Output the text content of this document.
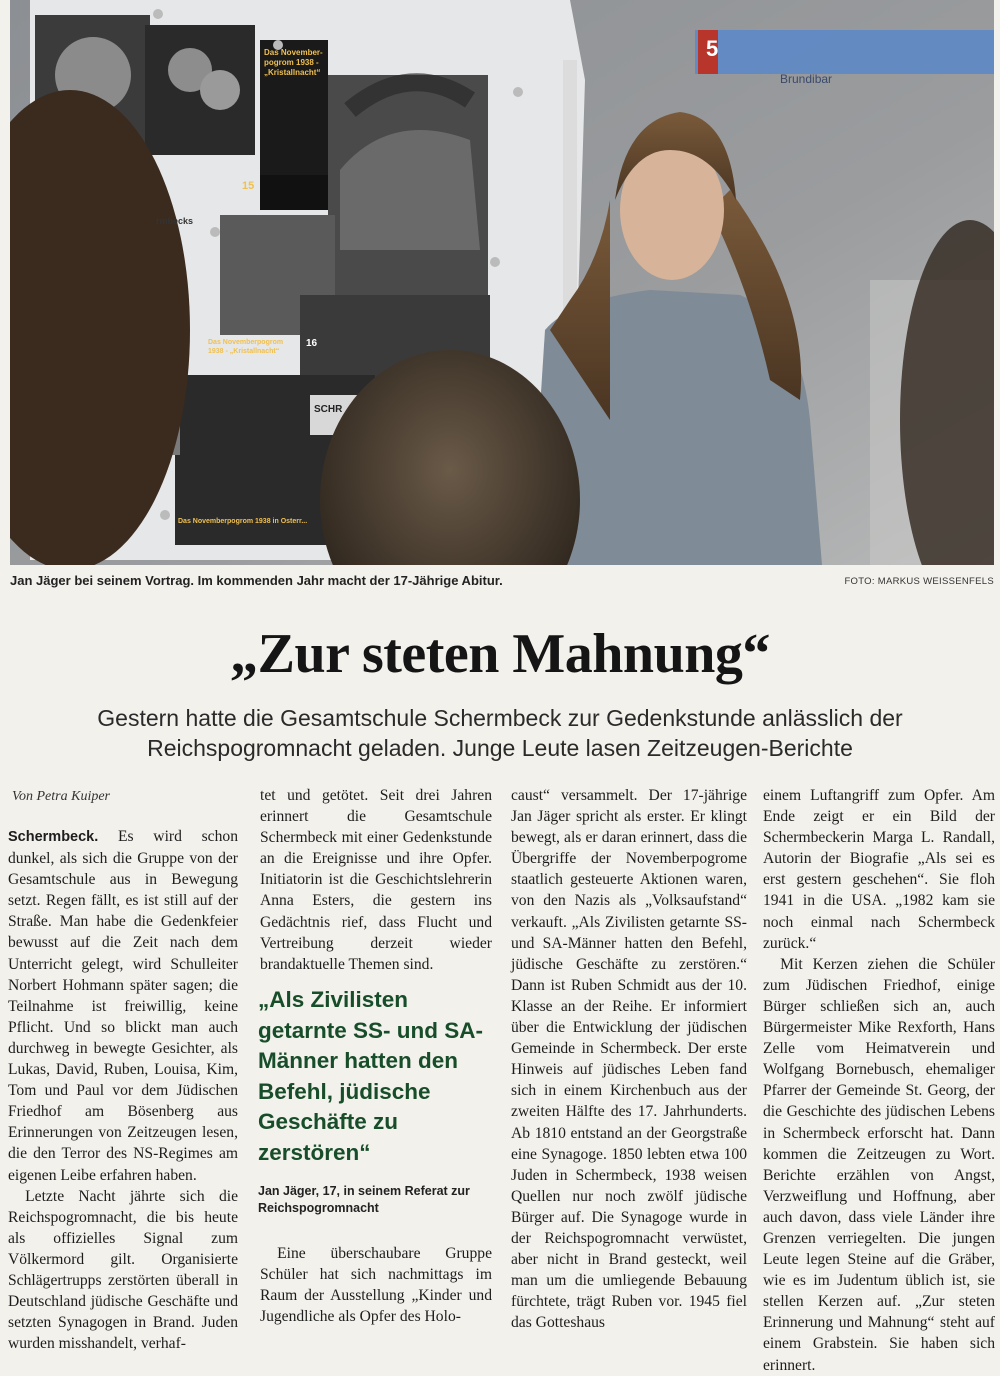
5
Brundibar
Das November-pogrom 1938 - „Kristallnacht“
15
16
Das Novemberpogrom 1938 - „Kristallnacht“
Das Novemberpogrom 1938 in Osterr...
rmbecks
SCHR
Jan Jäger bei seinem Vortrag. Im kommenden Jahr macht der 17-Jährige Abitur.	FOTO: MARKUS WEISSENFELS
„Zur steten Mahnung“
Gestern hatte die Gesamtschule Schermbeck zur Gedenkstunde anlässlich der
Reichspogromnacht geladen. Junge Leute lasen Zeitzeugen-Berichte
Von Petra Kuiper

Schermbeck. Es wird schon dunkel, als sich die Gruppe von der Gesamtschule aus in Bewegung setzt. Regen fällt, es ist still auf der Straße. Man habe die Gedenkfeier bewusst auf die Zeit nach dem Unterricht gelegt, wird Schulleiter Norbert Hohmann später sagen; die Teilnahme ist freiwillig, keine Pflicht. Und so blickt man auch durchweg in bewegte Gesichter, als Lukas, David, Ruben, Louisa, Kim, Tom und Paul vor dem Jüdischen Friedhof am Bösenberg aus Erinnerungen von Zeitzeugen lesen, die den Terror des NS-Regimes am eigenen Leibe erfahren haben.

Letzte Nacht jährte sich die Reichspogromnacht, die bis heute als offizielles Signal zum Völkermord gilt. Organisierte Schlägertrupps zerstörten überall in Deutschland jüdische Geschäfte und setzten Synagogen in Brand. Juden wurden misshandelt, verhaf-

tet und getötet. Seit drei Jahren erinnert die Gesamtschule Schermbeck mit einer Gedenkstunde an die Ereignisse und ihre Opfer. Initiatorin ist die Geschichtslehrerin Anna Esters, die gestern ins Gedächtnis rief, dass Flucht und Vertreibung derzeit wieder brandaktuelle Themen sind.

„Als Zivilisten getarnte SS- und SA-Männer hatten den Befehl, jüdische Geschäfte zu zerstören“
Jan Jäger, 17, in seinem Referat zur Reichspogromnacht

Eine überschaubare Gruppe Schüler hat sich nachmittags im Raum der Ausstellung „Kinder und Jugendliche als Opfer des Holo-

caust“ versammelt. Der 17-jährige Jan Jäger spricht als erster. Er klingt bewegt, als er daran erinnert, dass die Übergriffe der Novemberpogrome staatlich gesteuerte Aktionen waren, von den Nazis als „Volksaufstand“ verkauft. „Als Zivilisten getarnte SS- und SA-Männer hatten den Befehl, jüdische Geschäfte zu zerstören.“ Dann ist Ruben Schmidt aus der 10. Klasse an der Reihe. Er informiert über die Entwicklung der jüdischen Gemeinde in Schermbeck. Der erste Hinweis auf jüdisches Leben fand sich in einem Kirchenbuch aus der zweiten Hälfte des 17. Jahrhunderts. Ab 1810 entstand an der Georgstraße eine Synagoge. 1850 lebten etwa 100 Juden in Schermbeck, 1938 weisen Quellen nur noch zwölf jüdische Bürger auf. Die Synagoge wurde in der Reichspogromnacht verwüstet, aber nicht in Brand gesteckt, weil man um die umliegende Bebauung fürchtete, trägt Ruben vor. 1945 fiel das Gotteshaus

einem Luftangriff zum Opfer. Am Ende zeigt er ein Bild der Schermbeckerin Marga L. Randall, Autorin der Biografie „Als sei es erst gestern geschehen“. Sie floh 1941 in die USA. „1982 kam sie noch einmal nach Schermbeck zurück.“

Mit Kerzen ziehen die Schüler zum Jüdischen Friedhof, einige Bürger schließen sich an, auch Bürgermeister Mike Rexforth, Hans Zelle vom Heimatverein und Wolfgang Bornebusch, ehemaliger Pfarrer der Gemeinde St. Georg, der die Geschichte des jüdischen Lebens in Schermbeck erforscht hat. Dann kommen die Zeitzeugen zu Wort. Berichte erzählen von Angst, Verzweiflung und Hoffnung, aber auch davon, dass viele Länder ihre Grenzen verriegelten. Die jungen Leute legen Steine auf die Gräber, wie es im Judentum üblich ist, sie stellen Kerzen auf. „Zur steten Erinnerung und Mahnung“ steht auf einem Grabstein. Sie haben sich erinnert.
